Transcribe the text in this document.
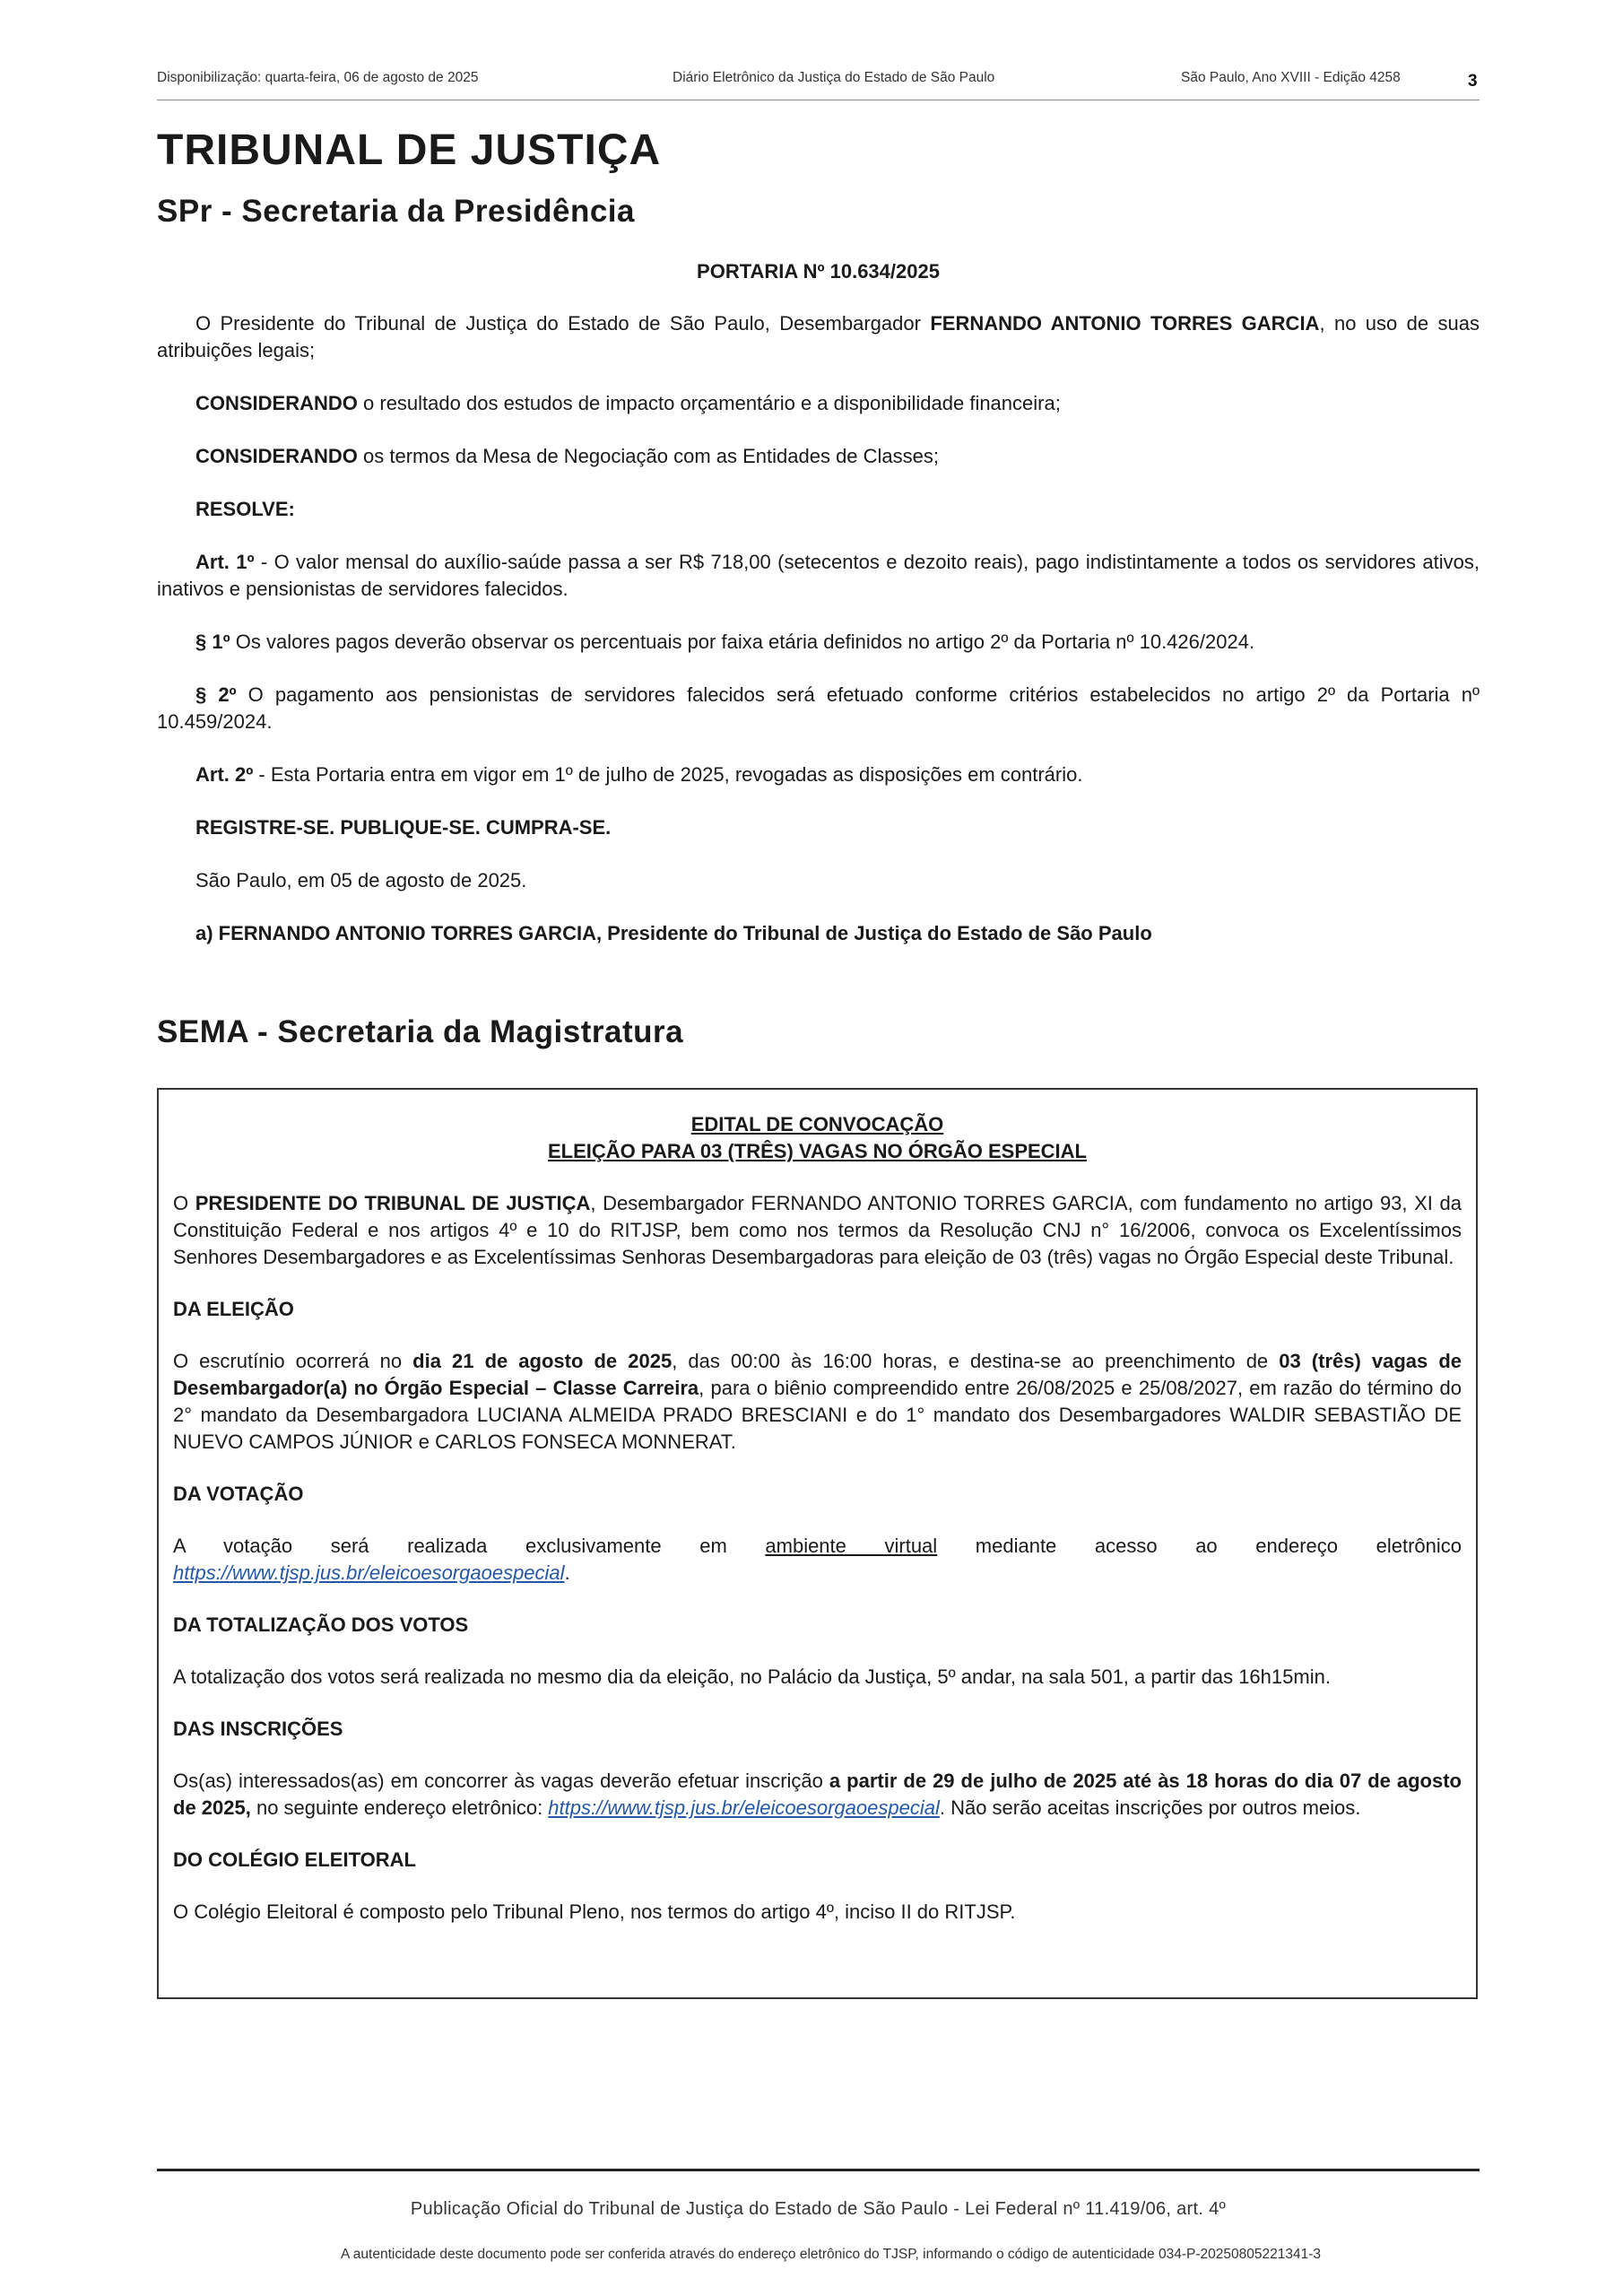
Disponibilização: quarta-feira, 06 de agosto de 2025	Diário Eletrônico da Justiça do Estado de São Paulo	São Paulo, Ano XVIII - Edição 4258	3
TRIBUNAL DE JUSTIÇA
SPr - Secretaria da Presidência

PORTARIA Nº 10.634/2025

O Presidente do Tribunal de Justiça do Estado de São Paulo, Desembargador FERNANDO ANTONIO TORRES GARCIA, no uso de suas atribuições legais;

CONSIDERANDO o resultado dos estudos de impacto orçamentário e a disponibilidade financeira;

CONSIDERANDO os termos da Mesa de Negociação com as Entidades de Classes;

RESOLVE:

Art. 1º - O valor mensal do auxílio-saúde passa a ser R$ 718,00 (setecentos e dezoito reais), pago indistintamente a todos os servidores ativos, inativos e pensionistas de servidores falecidos.

§ 1º Os valores pagos deverão observar os percentuais por faixa etária definidos no artigo 2º da Portaria nº 10.426/2024.

§ 2º O pagamento aos pensionistas de servidores falecidos será efetuado conforme critérios estabelecidos no artigo 2º da Portaria nº 10.459/2024.

Art. 2º - Esta Portaria entra em vigor em 1º de julho de 2025, revogadas as disposições em contrário.

REGISTRE-SE. PUBLIQUE-SE. CUMPRA-SE.

São Paulo, em 05 de agosto de 2025.

a) FERNANDO ANTONIO TORRES GARCIA, Presidente do Tribunal de Justiça do Estado de São Paulo

SEMA - Secretaria da Magistratura
EDITAL DE CONVOCAÇÃO
ELEIÇÃO PARA 03 (TRÊS) VAGAS NO ÓRGÃO ESPECIAL

O PRESIDENTE DO TRIBUNAL DE JUSTIÇA, Desembargador FERNANDO ANTONIO TORRES GARCIA, com fundamento no artigo 93, XI da Constituição Federal e nos artigos 4º e 10 do RITJSP, bem como nos termos da Resolução CNJ n° 16/2006, convoca os Excelentíssimos Senhores Desembargadores e as Excelentíssimas Senhoras Desembargadoras para eleição de 03 (três) vagas no Órgão Especial deste Tribunal.

DA ELEIÇÃO

O escrutínio ocorrerá no dia 21 de agosto de 2025, das 00:00 às 16:00 horas, e destina-se ao preenchimento de 03 (três) vagas de Desembargador(a) no Órgão Especial – Classe Carreira, para o biênio compreendido entre 26/08/2025 e 25/08/2027, em razão do término do 2° mandato da Desembargadora LUCIANA ALMEIDA PRADO BRESCIANI e do 1° mandato dos Desembargadores WALDIR SEBASTIÃO DE NUEVO CAMPOS JÚNIOR e CARLOS FONSECA MONNERAT.

DA VOTAÇÃO

A votação será realizada exclusivamente em ambiente virtual mediante acesso ao endereço eletrônico https://www.tjsp.jus.br/eleicoesorgaoespecial.

DA TOTALIZAÇÃO DOS VOTOS

A totalização dos votos será realizada no mesmo dia da eleição, no Palácio da Justiça, 5º andar, na sala 501, a partir das 16h15min.

DAS INSCRIÇÕES

Os(as) interessados(as) em concorrer às vagas deverão efetuar inscrição a partir de 29 de julho de 2025 até às 18 horas do dia 07 de agosto de 2025, no seguinte endereço eletrônico: https://www.tjsp.jus.br/eleicoesorgaoespecial. Não serão aceitas inscrições por outros meios.

DO COLÉGIO ELEITORAL

O Colégio Eleitoral é composto pelo Tribunal Pleno, nos termos do artigo 4º, inciso II do RITJSP.

Publicação Oficial do Tribunal de Justiça do Estado de São Paulo - Lei Federal nº 11.419/06, art. 4º
A autenticidade deste documento pode ser conferida através do endereço eletrônico do TJSP, informando o código de autenticidade 034-P-20250805221341-3
